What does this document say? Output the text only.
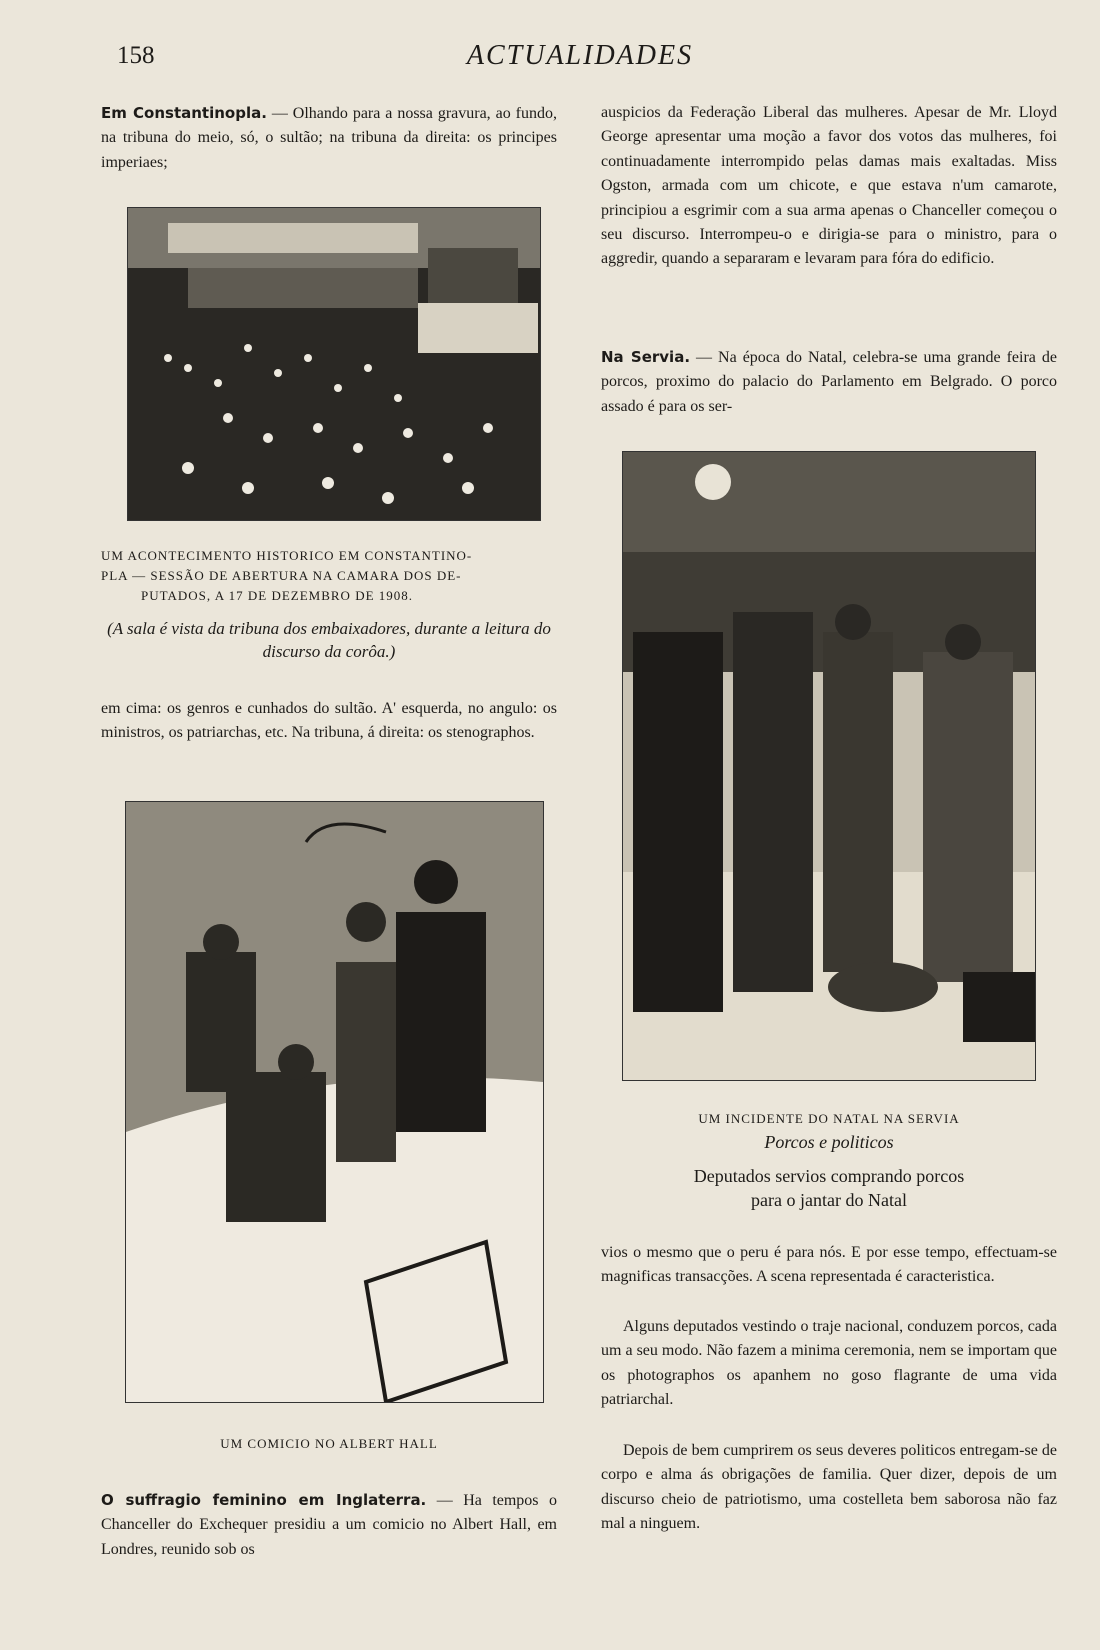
158	ACTUALIDADES

Em Constantinopla. — Olhando para a nossa gravura, ao fundo, na tribuna do meio, só, o sultão; na tribuna da direita: os principes imperiaes;

UM ACONTECIMENTO HISTORICO EM CONSTANTINO-
PLA — SESSÃO DE ABERTURA NA CAMARA DOS DE-
PUTADOS, A 17 DE DEZEMBRO DE 1908.
(A sala é vista da tribuna dos embaixadores, durante a leitura do discurso da corôa.)

em cima: os genros e cunhados do sultão. A' esquerda, no angulo: os ministros, os patriarchas, etc. Na tribuna, á direita: os stenographos.

UM COMICIO NO ALBERT HALL

O suffragio feminino em Inglaterra. — Ha tempos o Chanceller do Exchequer presidiu a um comicio no Albert Hall, em Londres, reunido sob os

auspicios da Federação Liberal das mulheres. Apesar de Mr. Lloyd George apresentar uma moção a favor dos votos das mulheres, foi continuadamente interrompido pelas damas mais exaltadas. Miss Ogston, armada com um chicote, e que estava n'um camarote, principiou a esgrimir com a sua arma apenas o Chanceller começou o seu discurso. Interrompeu-o e dirigia-se para o ministro, para o aggredir, quando a separaram e levaram para fóra do edificio.

Na Servia. — Na época do Natal, celebra-se uma grande feira de porcos, proximo do palacio do Parlamento em Belgrado. O porco assado é para os ser-

UM INCIDENTE DO NATAL NA SERVIA
Porcos e politicos
Deputados servios comprando porcos
para o jantar do Natal

vios o mesmo que o peru é para nós. E por esse tempo, effectuam-se magnificas transacções. A scena representada é caracteristica.

Alguns deputados vestindo o traje nacional, conduzem porcos, cada um a seu modo. Não fazem a minima ceremonia, nem se importam que os photographos os apanhem no goso flagrante de uma vida patriarchal.

Depois de bem cumprirem os seus deveres politicos entregam-se de corpo e alma ás obrigações de familia. Quer dizer, depois de um discurso cheio de patriotismo, uma costelleta bem saborosa não faz mal a ninguem.
